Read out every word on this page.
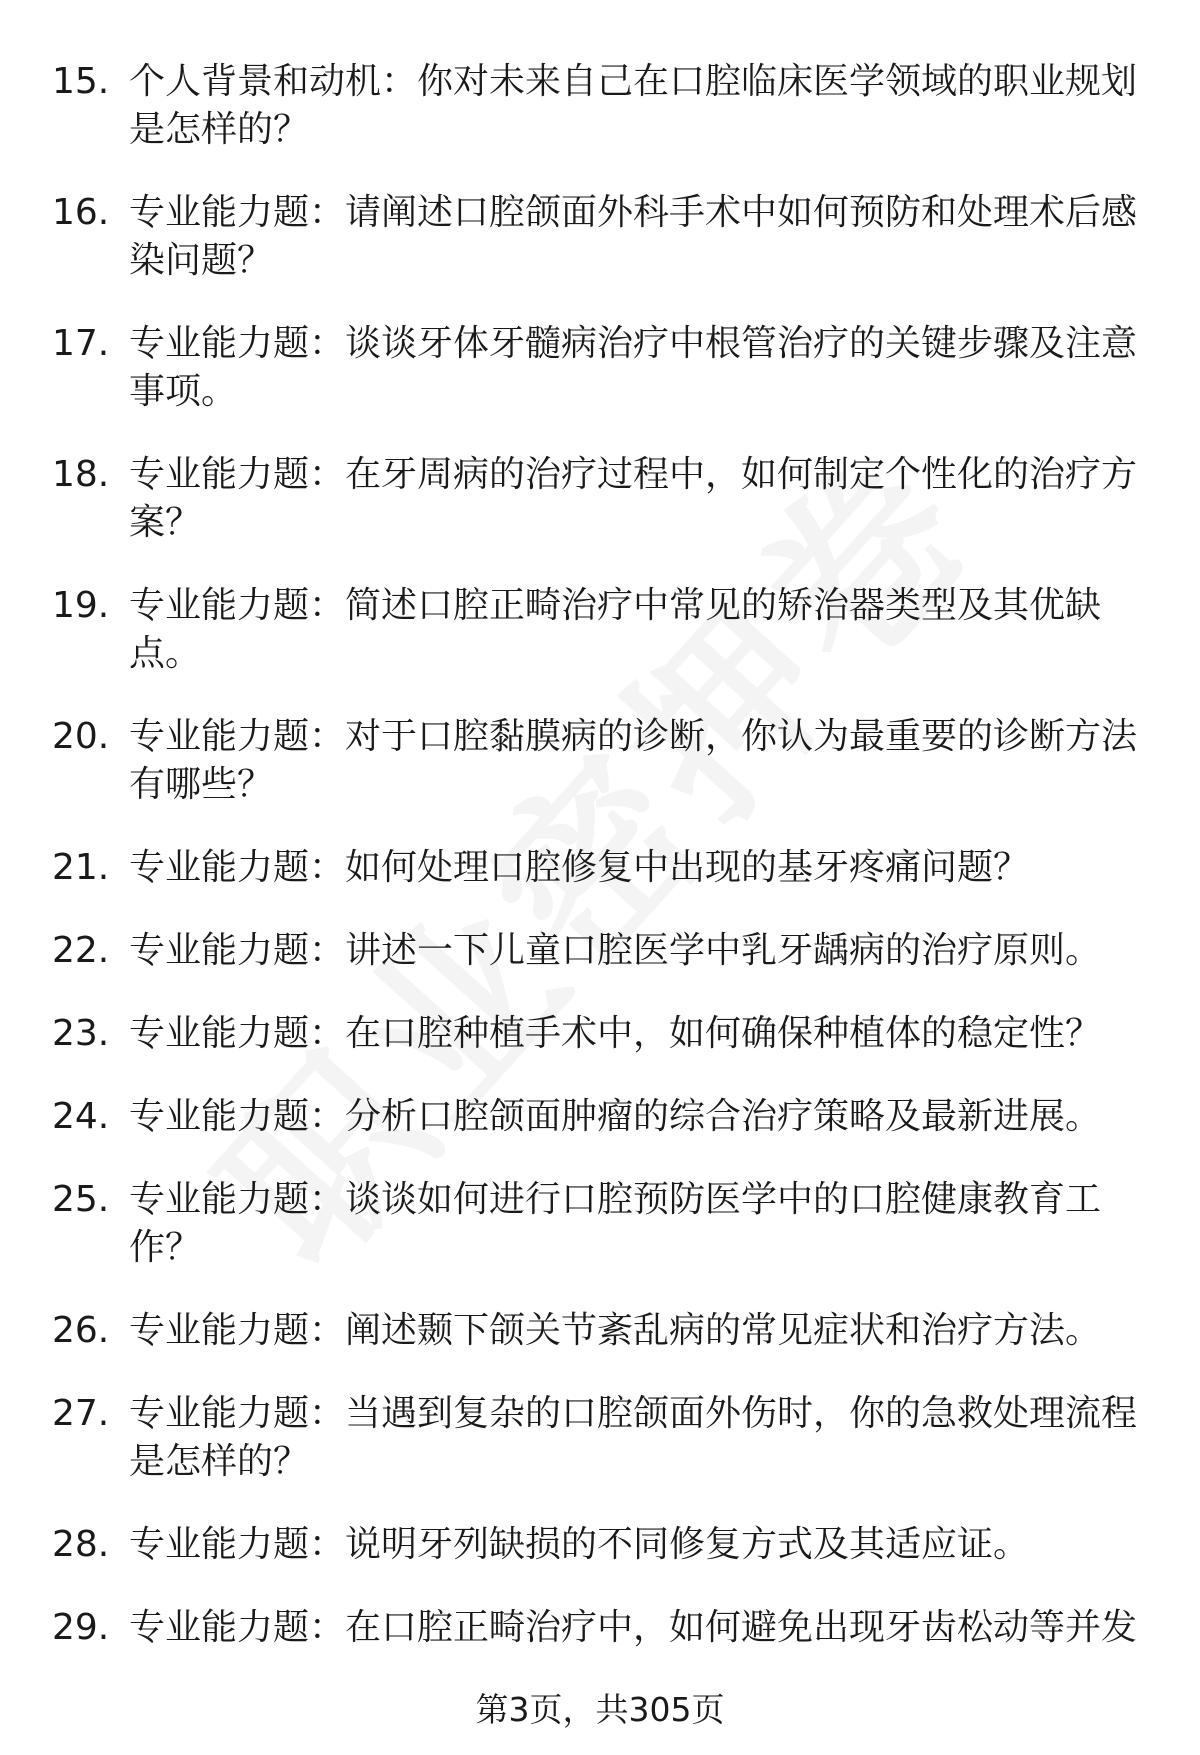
15. 个人背景和动机：你对未来自己在口腔临床医学领域的职业规划是怎样的？
16. 专业能力题：请阐述口腔颌面外科手术中如何预防和处理术后感染问题？
17. 专业能力题：谈谈牙体牙髓病治疗中根管治疗的关键步骤及注意事项。
18. 专业能力题：在牙周病的治疗过程中，如何制定个性化的治疗方案？
19. 专业能力题：简述口腔正畸治疗中常见的矫治器类型及其优缺点。
20. 专业能力题：对于口腔黏膜病的诊断，你认为最重要的诊断方法有哪些？
21. 专业能力题：如何处理口腔修复中出现的基牙疼痛问题？
22. 专业能力题：讲述一下儿童口腔医学中乳牙龋病的治疗原则。
23. 专业能力题：在口腔种植手术中，如何确保种植体的稳定性？
24. 专业能力题：分析口腔颌面肿瘤的综合治疗策略及最新进展。
25. 专业能力题：谈谈如何进行口腔预防医学中的口腔健康教育工作？
26. 专业能力题：阐述颞下颌关节紊乱病的常见症状和治疗方法。
27. 专业能力题：当遇到复杂的口腔颌面外伤时，你的急救处理流程是怎样的？
28. 专业能力题：说明牙列缺损的不同修复方式及其适应证。
29. 专业能力题：在口腔正畸治疗中，如何避免出现牙齿松动等并发
第3页，共305页
